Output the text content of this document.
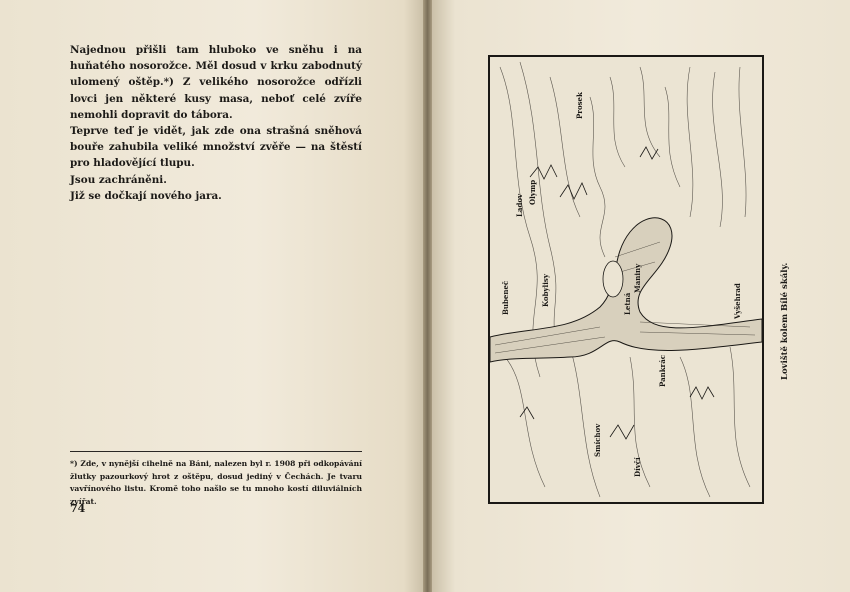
Najednou přišli tam hluboko ve sněhu i na huňatého nosorožce. Měl dosud v krku zabodnutý ulomený oštěp.*) Z velikého nosorožce odřízli lovci jen některé kusy masa, neboť celé zvíře nemohli dopravit do tábora.

Teprve teď je vidět, jak zde ona strašná sněhová bouře zahubila veliké množství zvěře — na štěstí pro hladovějící tlupu.

Jsou zachráněni.

Již se dočkají nového jara.

*) Zde, v nynější cihelně na Báni, nalezen byl r. 1908 při odkopávání žlutky pazourkový hrot z oštěpu, dosud jediný v Čechách. Je tvaru vavřínového listu. Kromě toho našlo se tu mnoho kostí diluviálních zvířat.
74
Ladov
Olymp
Prosek
Kobylisy
Bubeneč
Maniny
Letná	Vyšehrad
Pankrác
Smíchov
Dívčí
Loviště kolem Bílé skály.
